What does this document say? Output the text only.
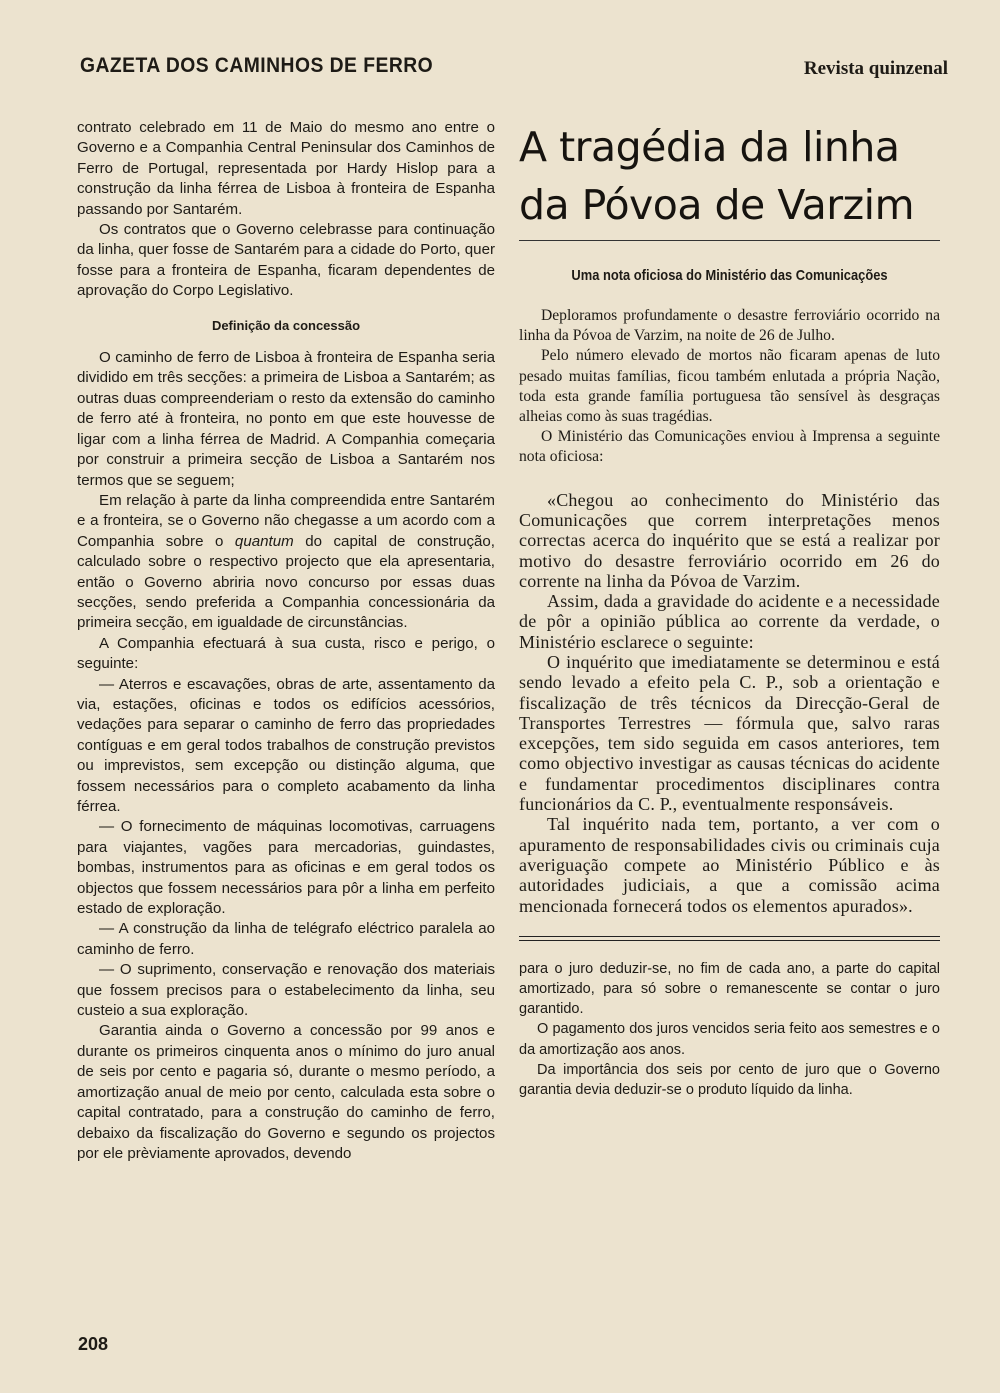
GAZETA DOS CAMINHOS DE FERRO	Revista quinzenal

contrato celebrado em 11 de Maio do mesmo ano entre o Governo e a Companhia Central Peninsular dos Caminhos de Ferro de Portugal, representada por Hardy Hislop para a construção da linha férrea de Lisboa à fronteira de Espanha passando por Santarém.

Os contratos que o Governo celebrasse para continuação da linha, quer fosse de Santarém para a cidade do Porto, quer fosse para a fronteira de Espanha, ficaram dependentes de aprovação do Corpo Legislativo.

Definição da concessão

O caminho de ferro de Lisboa à fronteira de Espanha seria dividido em três secções: a primeira de Lisboa a Santarém; as outras duas compreenderiam o resto da extensão do caminho de ferro até à fronteira, no ponto em que este houvesse de ligar com a linha férrea de Madrid. A Companhia começaria por construir a primeira secção de Lisboa a Santarém nos termos que se seguem;

Em relação à parte da linha compreendida entre Santarém e a fronteira, se o Governo não chegasse a um acordo com a Companhia sobre o quantum do capital de construção, calculado sobre o respectivo projecto que ela apresentaria, então o Governo abriria novo concurso por essas duas secções, sendo preferida a Companhia concessionária da primeira secção, em igualdade de circunstâncias.

A Companhia efectuará à sua custa, risco e perigo, o seguinte:

— Aterros e escavações, obras de arte, assentamento da via, estações, oficinas e todos os edifícios acessórios, vedações para separar o caminho de ferro das propriedades contíguas e em geral todos trabalhos de construção previstos ou imprevistos, sem excepção ou distinção alguma, que fossem necessários para o completo acabamento da linha férrea.

— O fornecimento de máquinas locomotivas, carruagens para viajantes, vagões para mercadorias, guindastes, bombas, instrumentos para as oficinas e em geral todos os objectos que fossem necessários para pôr a linha em perfeito estado de exploração.

— A construção da linha de telégrafo eléctrico paralela ao caminho de ferro.

— O suprimento, conservação e renovação dos materiais que fossem precisos para o estabelecimento da linha, seu custeio a sua exploração.

Garantia ainda o Governo a concessão por 99 anos e durante os primeiros cinquenta anos o mínimo do juro anual de seis por cento e pagaria só, durante o mesmo período, a amortização anual de meio por cento, calculada esta sobre o capital contratado, para a construção do caminho de ferro, debaixo da fiscalização do Governo e segundo os projectos por ele prèviamente aprovados, devendo

A tragédia da linha
da Póvoa de Varzim
Uma nota oficiosa do Ministério das Comunicações

Deploramos profundamente o desastre ferroviário ocorrido na linha da Póvoa de Varzim, na noite de 26 de Julho.

Pelo número elevado de mortos não ficaram apenas de luto pesado muitas famílias, ficou também enlutada a própria Nação, toda esta grande família portuguesa tão sensível às desgraças alheias como às suas tragédias.

O Ministério das Comunicações enviou à Imprensa a seguinte nota oficiosa:

«Chegou ao conhecimento do Ministério das Comunicações que correm interpretações menos correctas acerca do inquérito que se está a realizar por motivo do desastre ferroviário ocorrido em 26 do corrente na linha da Póvoa de Varzim.

Assim, dada a gravidade do acidente e a necessidade de pôr a opinião pública ao corrente da verdade, o Ministério esclarece o seguinte:

O inquérito que imediatamente se determinou e está sendo levado a efeito pela C. P., sob a orientação e fiscalização de três técnicos da Direcção-Geral de Transportes Terrestres — fórmula que, salvo raras excepções, tem sido seguida em casos anteriores, tem como objectivo investigar as causas técnicas do acidente e fundamentar procedimentos disciplinares contra funcionários da C. P., eventualmente responsáveis.

Tal inquérito nada tem, portanto, a ver com o apuramento de responsabilidades civis ou criminais cuja averiguação compete ao Ministério Público e às autoridades judiciais, a que a comissão acima mencionada fornecerá todos os elementos apurados».

para o juro deduzir-se, no fim de cada ano, a parte do capital amortizado, para só sobre o remanescente se contar o juro garantido.

O pagamento dos juros vencidos seria feito aos semestres e o da amortização aos anos.

Da importância dos seis por cento de juro que o Governo garantia devia deduzir-se o produto líquido da linha.

208
